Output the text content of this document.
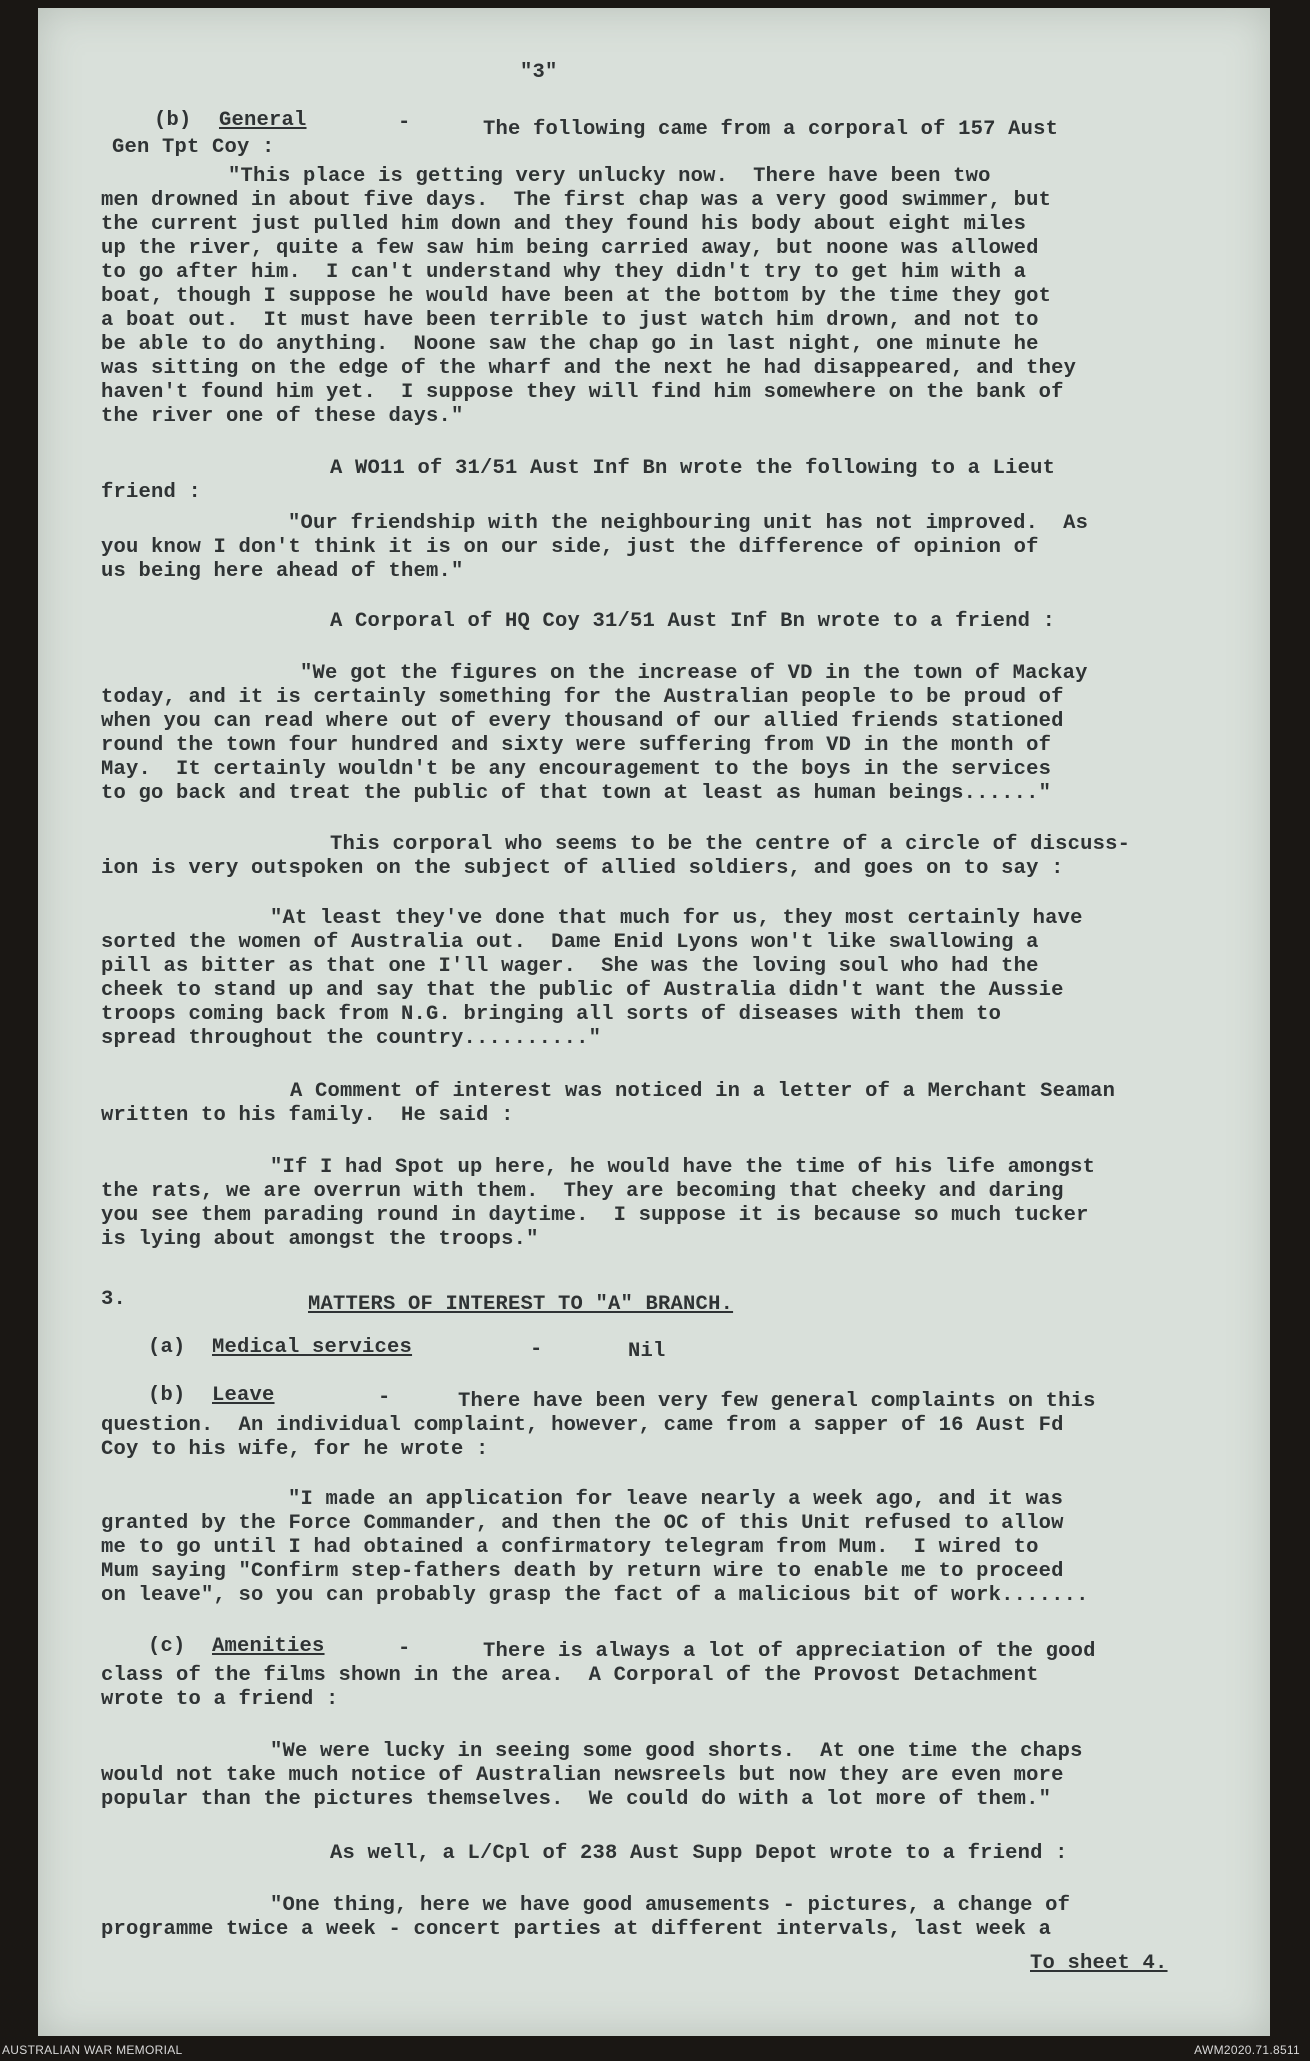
"3"
(b) General	-	The following came from a corporal of 157 Aust
Gen Tpt Coy :
"This place is getting very unlucky now.  There have been two
men drowned in about five days.  The first chap was a very good swimmer, but
the current just pulled him down and they found his body about eight miles
up the river, quite a few saw him being carried away, but noone was allowed
to go after him.  I can't understand why they didn't try to get him with a
boat, though I suppose he would have been at the bottom by the time they got
a boat out.  It must have been terrible to just watch him drown, and not to
be able to do anything.  Noone saw the chap go in last night, one minute he
was sitting on the edge of the wharf and the next he had disappeared, and they
haven't found him yet.  I suppose they will find him somewhere on the bank of
the river one of these days."
A WO11 of 31/51 Aust Inf Bn wrote the following to a Lieut
friend :
"Our friendship with the neighbouring unit has not improved.  As
you know I don't think it is on our side, just the difference of opinion of
us being here ahead of them."
A Corporal of HQ Coy 31/51 Aust Inf Bn wrote to a friend :
"We got the figures on the increase of VD in the town of Mackay
today, and it is certainly something for the Australian people to be proud of
when you can read where out of every thousand of our allied friends stationed
round the town four hundred and sixty were suffering from VD in the month of
May.  It certainly wouldn't be any encouragement to the boys in the services
to go back and treat the public of that town at least as human beings......"
This corporal who seems to be the centre of a circle of discuss-
ion is very outspoken on the subject of allied soldiers, and goes on to say :
"At least they've done that much for us, they most certainly have
sorted the women of Australia out.  Dame Enid Lyons won't like swallowing a
pill as bitter as that one I'll wager.  She was the loving soul who had the
cheek to stand up and say that the public of Australia didn't want the Aussie
troops coming back from N.G. bringing all sorts of diseases with them to
spread throughout the country.........."
A Comment of interest was noticed in a letter of a Merchant Seaman
written to his family.  He said :
"If I had Spot up here, he would have the time of his life amongst
the rats, we are overrun with them.  They are becoming that cheeky and daring
you see them parading round in daytime.  I suppose it is because so much tucker
is lying about amongst the troops."
3.	MATTERS OF INTEREST TO "A" BRANCH.
(a) Medical services	-	Nil
(b) Leave	-	There have been very few general complaints on this
question.  An individual complaint, however, came from a sapper of 16 Aust Fd
Coy to his wife, for he wrote :
"I made an application for leave nearly a week ago, and it was
granted by the Force Commander, and then the OC of this Unit refused to allow
me to go until I had obtained a confirmatory telegram from Mum.  I wired to
Mum saying "Confirm step-fathers death by return wire to enable me to proceed
on leave", so you can probably grasp the fact of a malicious bit of work.......
(c) Amenities	-	There is always a lot of appreciation of the good
class of the films shown in the area.  A Corporal of the Provost Detachment
wrote to a friend :
"We were lucky in seeing some good shorts.  At one time the chaps
would not take much notice of Australian newsreels but now they are even more
popular than the pictures themselves.  We could do with a lot more of them."
As well, a L/Cpl of 238 Aust Supp Depot wrote to a friend :
"One thing, here we have good amusements - pictures, a change of
programme twice a week - concert parties at different intervals, last week a
To sheet 4.
AUSTRALIAN WAR MEMORIAL	AWM2020.71.8511
